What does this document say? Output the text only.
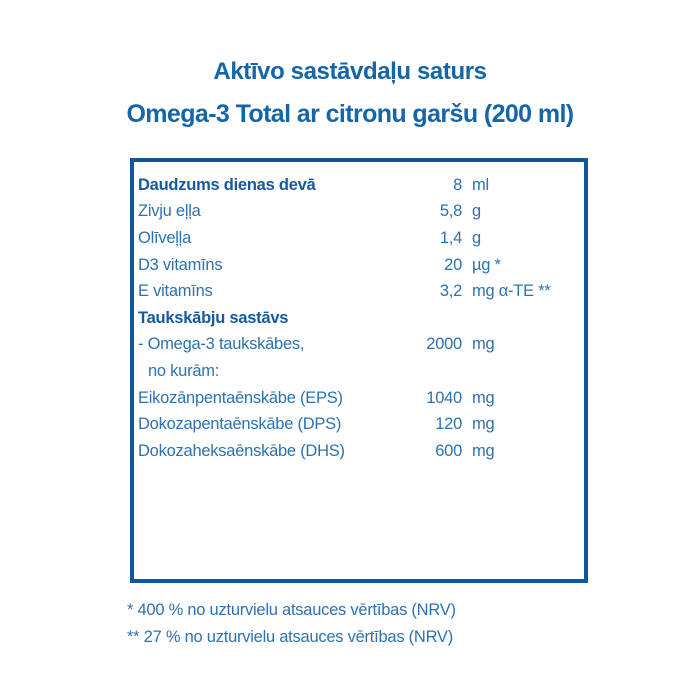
Aktīvo sastāvdaļu saturs
Omega-3 Total ar citronu garšu (200 ml)
Daudzums dienas devā	8 ml
Zivju eļļa	5,8 g
Olīveļļa	1,4 g
D3 vitamīns	20 µg *
E vitamīns	3,2 mg α-TE **
Taukskābju sastāvs
- Omega-3 taukskābes,	2000 mg
no kurām:
Eikozānpentaēnskābe (EPS)	1040 mg
Dokozapentaēnskābe (DPS)	120 mg
Dokozaheksaēnskābe (DHS)	600 mg
* 400 % no uzturvielu atsauces vērtības (NRV)
** 27 % no uzturvielu atsauces vērtības (NRV)
